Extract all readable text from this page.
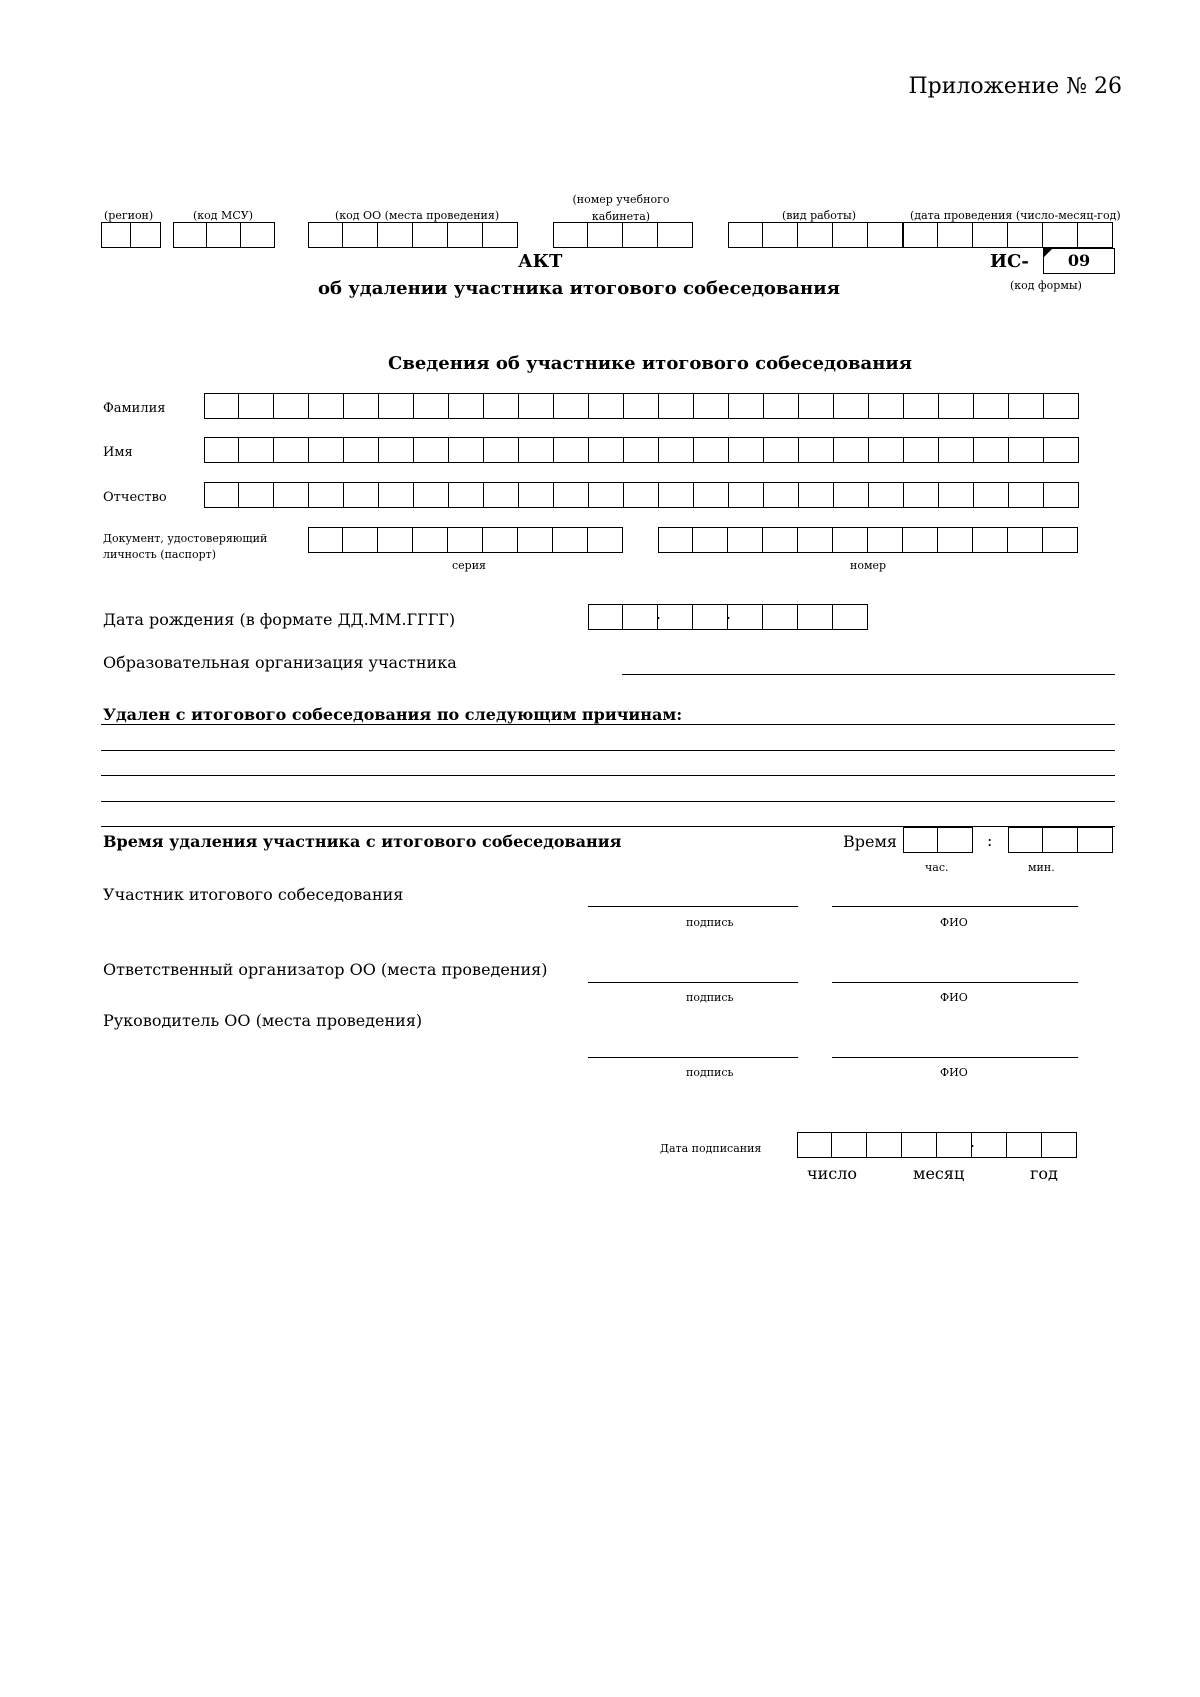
Приложение № 26
(регион)	(код МСУ)	(код ОО (места проведения)
(номер учебного кабинета)	(вид работы)	(дата проведения (число-месяц-год)
АКТ
об удалении участника итогового собеседования
ИС-	09
(код формы)
Сведения об участнике итогового собеседования
Фамилия
Имя
Отчество
Документ, удостоверяющий личность (паспорт)
серия	номер
Дата рождения (в формате ДД.ММ.ГГГГ)
.
.
Образовательная организация участника
Удален с итогового собеседования по следующим причинам:
Время удаления участника с итогового собеседования	Время	:
час.	мин.
Участник итогового собеседования
подпись	ФИО
Ответственный организатор ОО (места проведения)
подпись	ФИО
Руководитель ОО (места проведения)
подпись	ФИО
Дата подписания
.
число	месяц	год
